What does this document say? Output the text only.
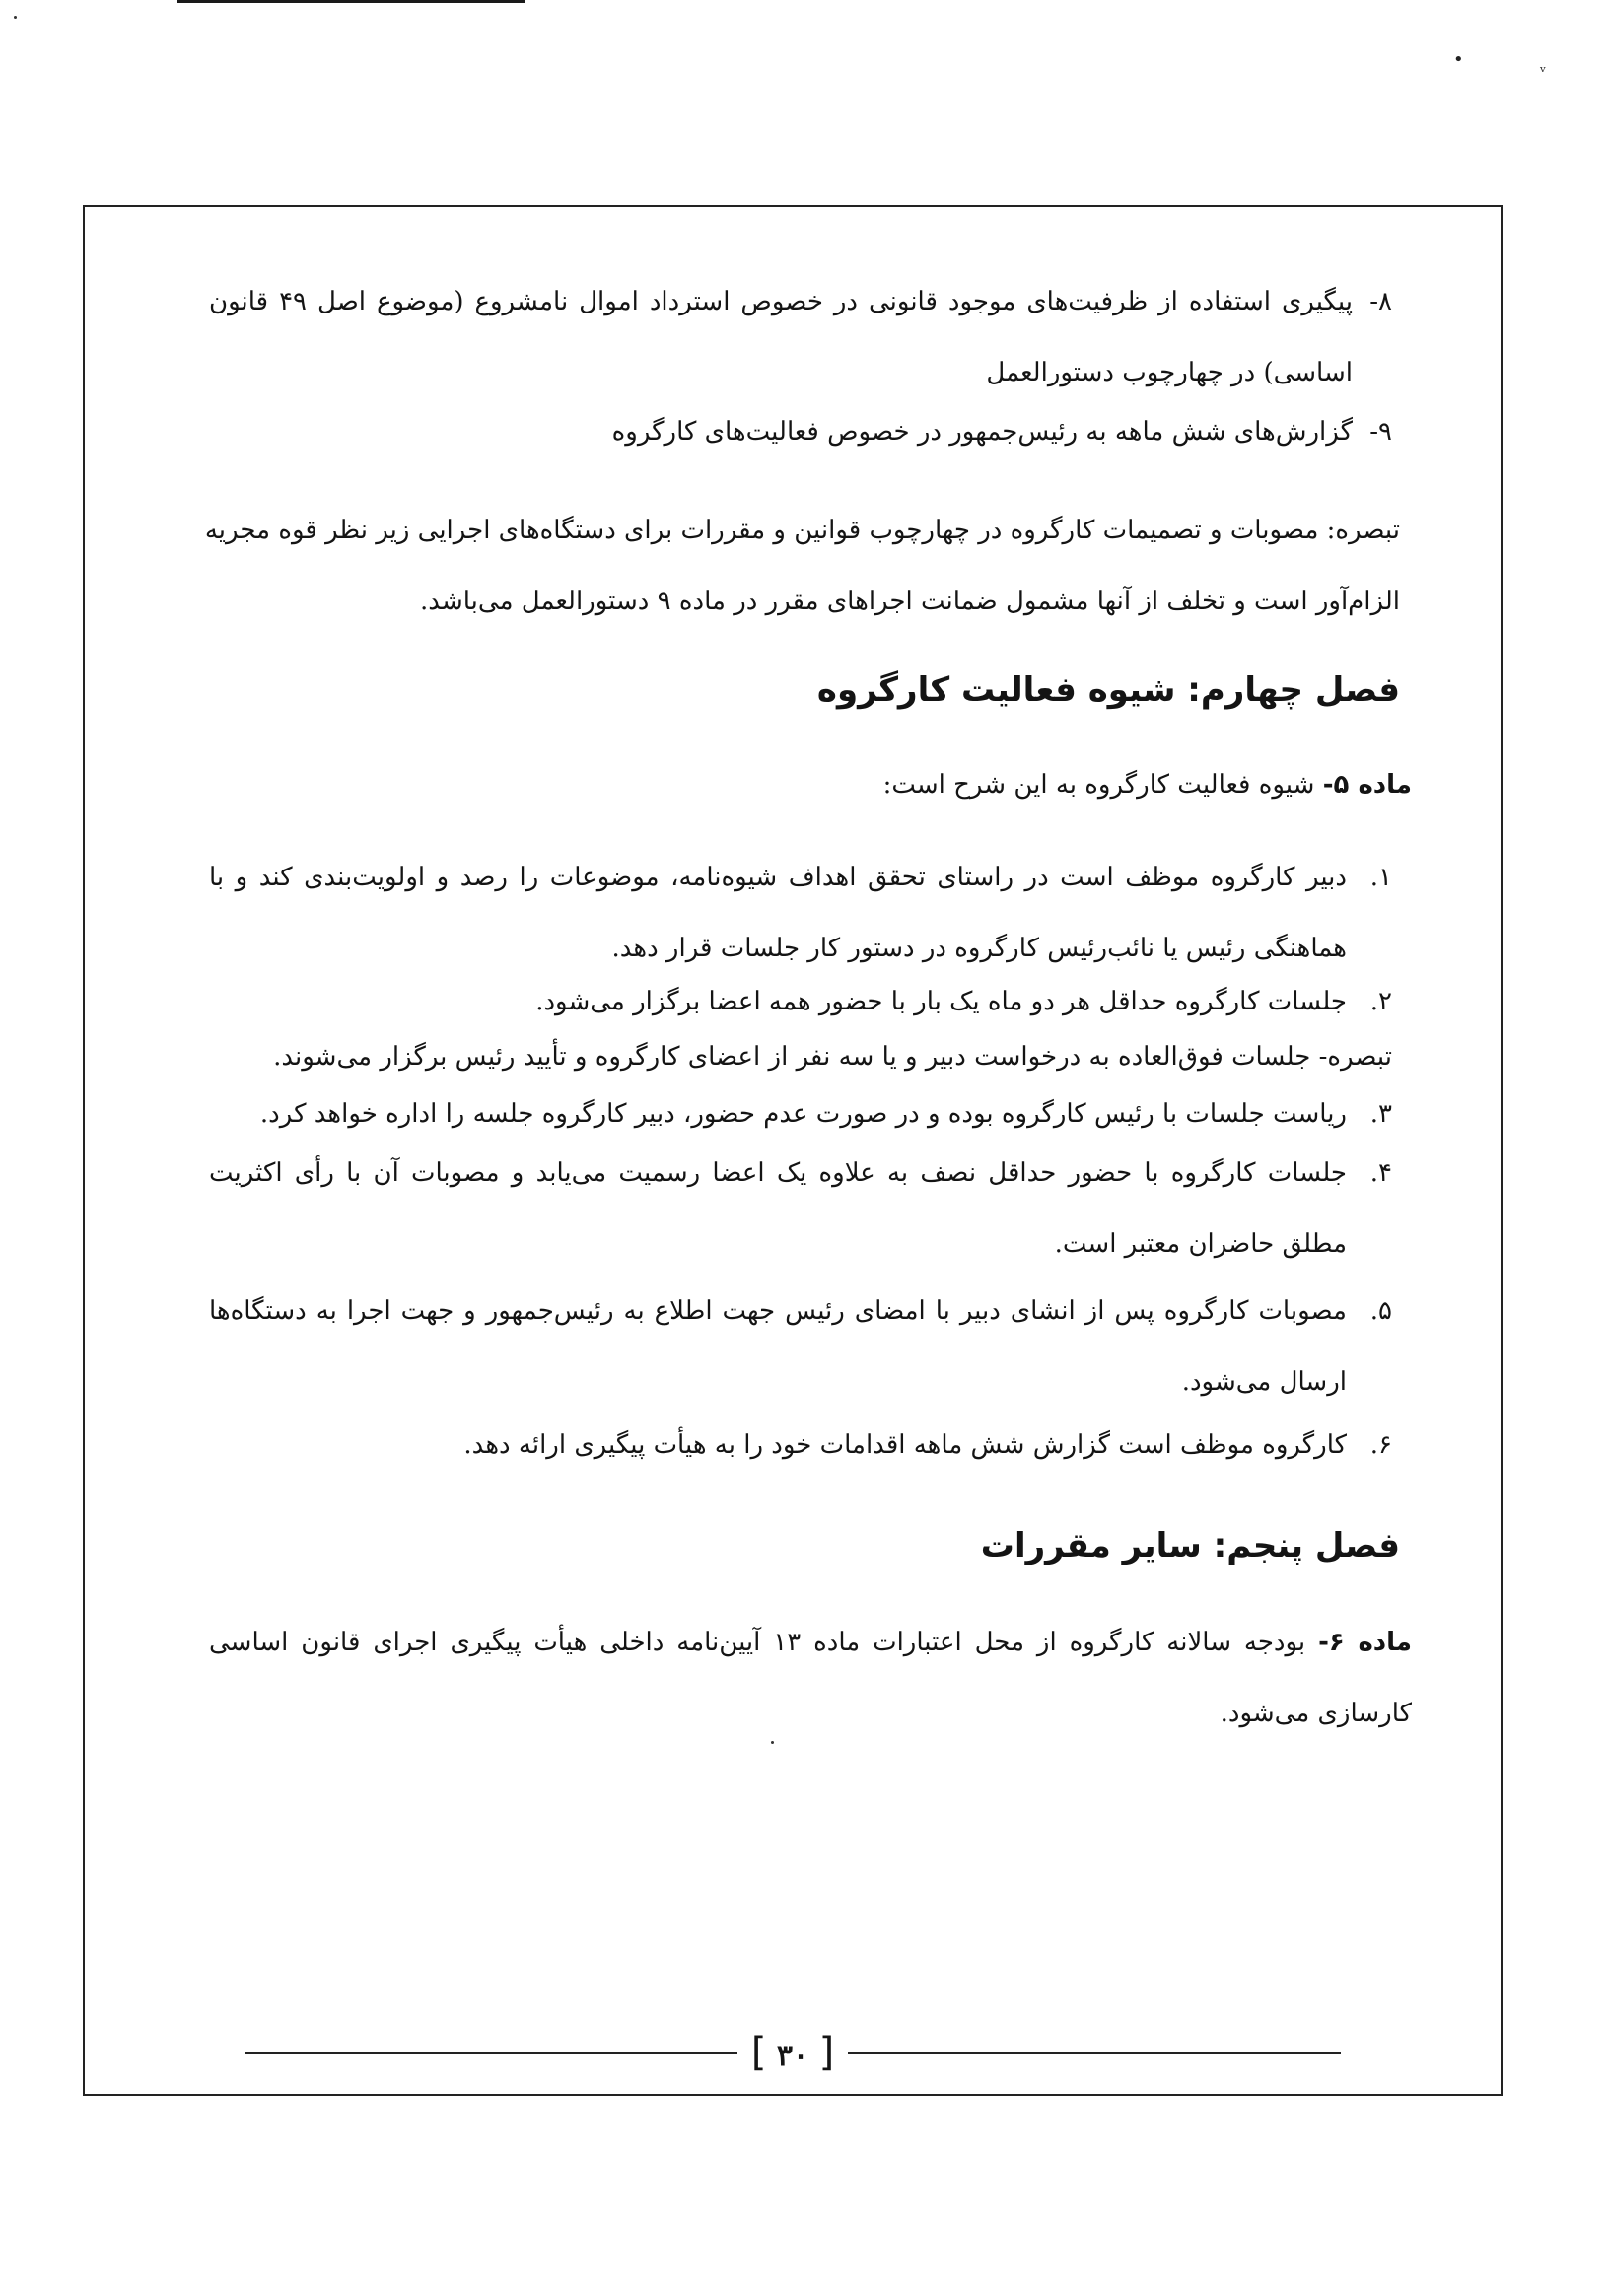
•	ᵥ
۸-

پیگیری استفاده از ظرفیت‌های موجود قانونی در خصوص استرداد اموال نامشروع (موضوع اصل ۴۹ قانون

اساسی) در چهارچوب دستورالعمل

۹-

گزارش‌های شش ماهه به رئیس‌جمهور در خصوص فعالیت‌های کارگروه

تبصره: مصوبات و تصمیمات کارگروه در چهارچوب قوانین و مقررات برای دستگاه‌های اجرایی زیر نظر قوه مجریه

الزام‌آور است و تخلف از آنها مشمول ضمانت اجراهای مقرر در ماده ۹ دستورالعمل می‌باشد.

فصل چهارم: شیوه فعالیت کارگروه

ماده ۵- شیوه فعالیت کارگروه به این شرح است:

۱.

دبیر کارگروه موظف است در راستای تحقق اهداف شیوه‌نامه، موضوعات را رصد و اولویت‌بندی کند و با

هماهنگی رئیس یا نائب‌رئیس کارگروه در دستور کار جلسات قرار دهد.

۲.

جلسات کارگروه حداقل هر دو ماه یک بار با حضور همه اعضا برگزار می‌شود.

تبصره- جلسات فوق‌العاده به درخواست دبیر و یا سه نفر از اعضای کارگروه و تأیید رئیس برگزار می‌شوند.

۳.

ریاست جلسات با رئیس کارگروه بوده و در صورت عدم حضور، دبیر کارگروه جلسه را اداره خواهد کرد.

۴.

جلسات کارگروه با حضور حداقل نصف به علاوه یک اعضا رسمیت می‌یابد و مصوبات آن با رأی اکثریت

مطلق حاضران معتبر است.

۵.

مصوبات کارگروه پس از انشای دبیر با امضای رئیس جهت اطلاع به رئیس‌جمهور و جهت اجرا به دستگاه‌ها

ارسال می‌شود.

۶.

کارگروه موظف است گزارش شش ماهه اقدامات خود را به هیأت پیگیری ارائه دهد.

فصل پنجم: سایر مقررات

ماده ۶- بودجه سالانه کارگروه از محل اعتبارات ماده ۱۳ آیین‌نامه داخلی هیأت پیگیری اجرای قانون اساسی

کارسازی می‌شود.

[ ۳۰ ]
